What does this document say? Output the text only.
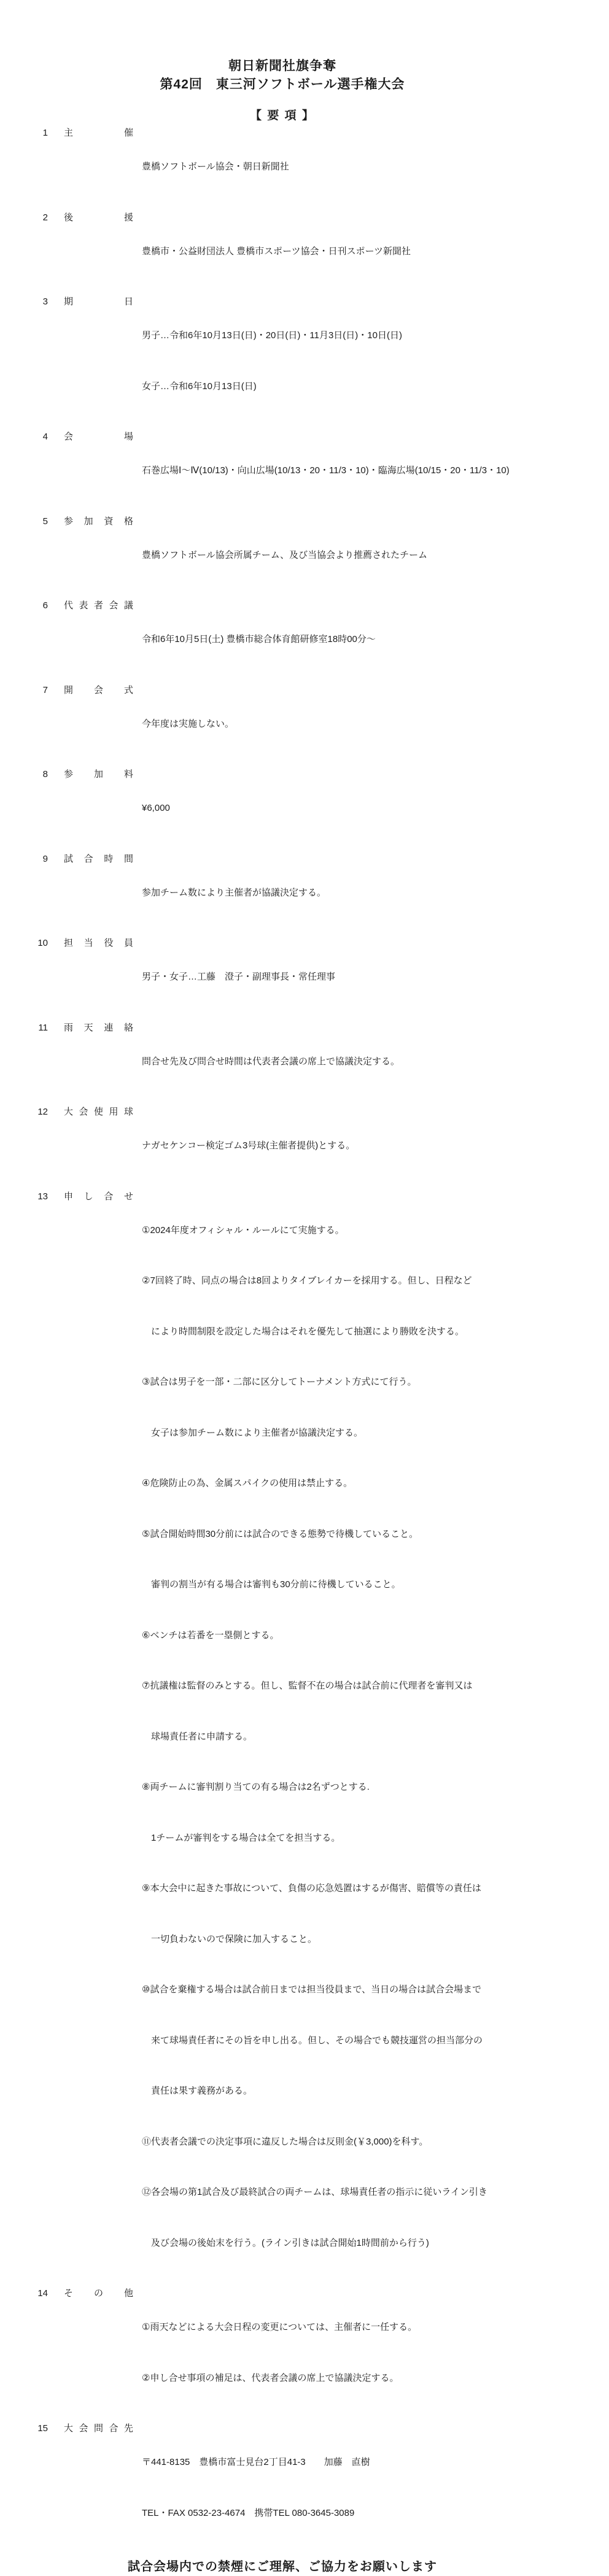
朝日新聞社旗争奪
第42回　東三河ソフトボール選手権大会
【 要 項 】
1 主	催

豊橋ソフトボール協会・朝日新聞社

2 後	援

豊橋市・公益財団法人 豊橋市スポーツ協会・日刊スポーツ新聞社

3 期	日

男子…令和6年10月13日(日)・20日(日)・11月3日(日)・10日(日)

女子…令和6年10月13日(日)

4 会	場

石巻広場Ⅰ～Ⅳ(10/13)・向山広場(10/13・20・11/3・10)・臨海広場(10/15・20・11/3・10)

5 参 加 資 格

豊橋ソフトボール協会所属チーム、及び当協会より推薦されたチーム

6 代 表 者 会 議

令和6年10月5日(土) 豊橋市総合体育館研修室18時00分～

7 開 会 式

今年度は実施しない。

8 参 加 料

¥6,000

9 試 合 時 間

参加チーム数により主催者が協議決定する。

10 担 当 役 員

男子・女子…工藤　澄子・副理事長・常任理事

11 雨 天 連 絡

問合せ先及び問合せ時間は代表者会議の席上で協議決定する。

12 大 会 使 用 球

ナガセケンコー検定ゴム3号球(主催者提供)とする。

13 申 し 合 せ

①2024年度オフィシャル・ルールにて実施する。

②7回終了時、同点の場合は8回よりタイブレイカーを採用する。但し、日程など

　により時間制限を設定した場合はそれを優先して抽選により勝敗を決する。

③試合は男子を一部・二部に区分してトーナメント方式にて行う。

　女子は参加チーム数により主催者が協議決定する。

④危険防止の為、金属スパイクの使用は禁止する。

⑤試合開始時間30分前には試合のできる態勢で待機していること。

　審判の割当が有る場合は審判も30分前に待機していること。

⑥ベンチは若番を一塁側とする。

⑦抗議権は監督のみとする。但し、監督不在の場合は試合前に代理者を審判又は

　球場責任者に申請する。

⑧両チームに審判割り当ての有る場合は2名ずつとする.

　1チームが審判をする場合は全てを担当する。

⑨本大会中に起きた事故について、負傷の応急処置はするが傷害、賠償等の責任は

　一切負わないので保険に加入すること。

⑩試合を棄権する場合は試合前日までは担当役員まで、当日の場合は試合会場まで

　来て球場責任者にその旨を申し出る。但し、その場合でも競技運営の担当部分の

　責任は果す義務がある。

⑪代表者会議での決定事項に違反した場合は反則金(￥3,000)を科す。

⑫各会場の第1試合及び最終試合の両チームは、球場責任者の指示に従いライン引き

　及び会場の後始末を行う。(ライン引きは試合開始1時間前から行う)

14 そ の 他

①雨天などによる大会日程の変更については、主催者に一任する。

②申し合せ事項の補足は、代表者会議の席上で協議決定する。

15 大 会 問 合 先

〒441-8135　豊橋市富士見台2丁目41-3　　加藤　直樹

TEL・FAX 0532-23-4674　携帯TEL 080-3645-3089

試合会場内での禁煙にご理解、ご協力をお願いします
